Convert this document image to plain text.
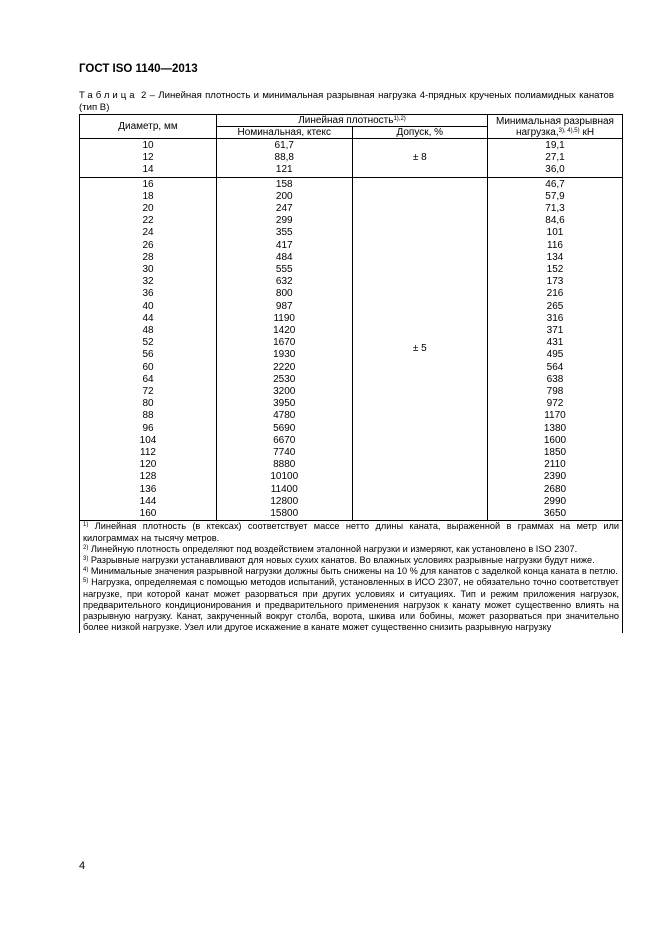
ГОСТ ISO 1140—2013
Таблица 2 – Линейная плотность и минимальная разрывная нагрузка 4-прядных крученых полиамидных канатов (тип В)
Диаметр, мм	Линейная плотность$^{1),2)}$		Минимальная разрывная
нагрузка,$^{3), 4),5)}$ кН
	Номинальная, ктекс	Допуск, %	
10	61,7	± 8	19,1
12	88,8		27,1
14	121		36,0
16	158	± 5	46,7
18	200		57,9
20	247		71,3
22	299		84,6
24	355		101
26	417		116
28	484		134
30	555		152
32	632		173
36	800		216
40	987		265
44	1190		316
48	1420		371
52	1670		431
56	1930		495
60	2220		564
64	2530		638
72	3200		798
80	3950		972
88	4780		1170
96	5690		1380
104	6670		1600
112	7740		1850
120	8880		2110
128	10100		2390
136	11400		2680
144	12800		2990
160	15800		3650

$^{1)}$ Линейная плотность (в ктексах) соответствует массе нетто длины каната, выраженной в граммах на метр или килограммах на тысячу метров.
$^{2)}$ Линейную плотность определяют под воздействием эталонной нагрузки и измеряют, как установлено в ISO 2307.
$^{3)}$ Разрывные нагрузки устанавливают для новых сухих канатов. Во влажных условиях разрывные нагрузки будут ниже.
$^{4)}$ Минимальные значения разрывной нагрузки должны быть снижены на 10 % для канатов с заделкой конца каната в петлю.
$^{5)}$ Нагрузка, определяемая с помощью методов испытаний, установленных в ИСО 2307, не обязательно точно соответствует нагрузке, при которой канат может разорваться при других условиях и ситуациях. Тип и режим приложения нагрузок, предварительного кондиционирования и предварительного применения нагрузок к канату может существенно влиять на разрывную нагрузку. Канат, закрученный вокруг столба, ворота, шкива или бобины, может разорваться при значительно более низкой нагрузке. Узел или другое искажение в канате может существенно снизить разрывную нагрузку			
4
